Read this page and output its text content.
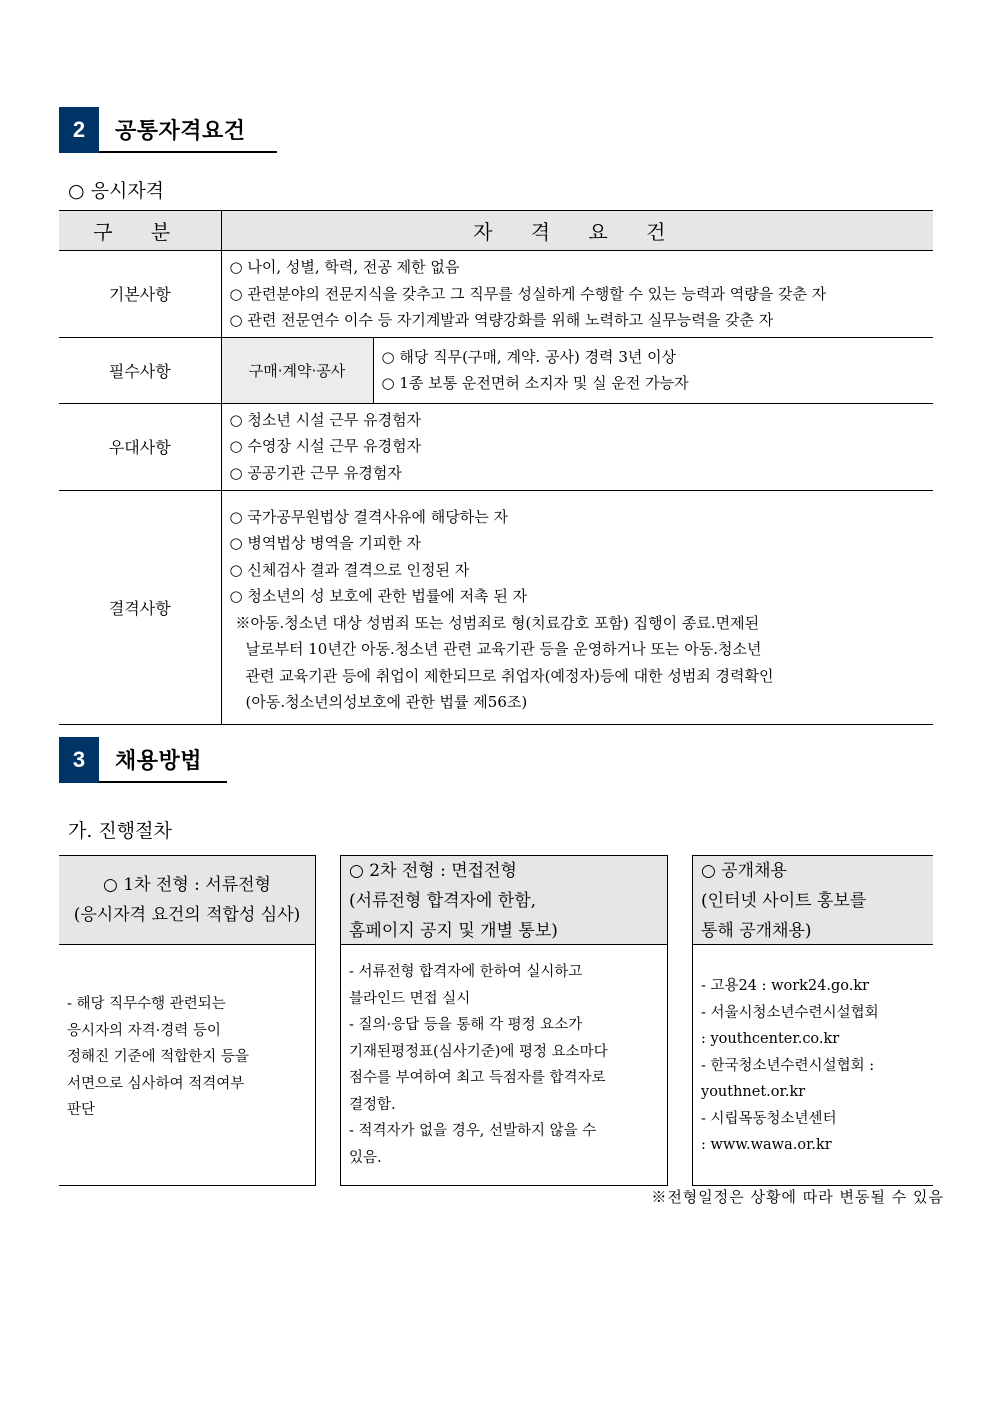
2	공통자격요건
○ 응시자격
구 분	자 격 요 건	
기본사항	○ 나이, 성별, 학력, 전공 제한 없음
○ 관련분야의 전문지식을 갖추고 그 직무를 성실하게 수행할 수 있는 능력과 역량을 갖춘 자
○ 관련 전문연수 이수 등 자기계발과 역량강화를 위해 노력하고 실무능력을 갖춘 자	

필수사항	구매·계약·공사	○ 해당 직무(구매, 계약. 공사) 경력 3년 이상
○ 1종 보통 운전면허 소지자 및 실 운전 가능자

우대사항	○ 청소년 시설 근무 유경험자
○ 수영장 시설 근무 유경험자
○ 공공기관 근무 유경험자	

결격사항	
○ 국가공무원법상 결격사유에 해당하는 자
○ 병역법상 병역을 기피한 자
○ 신체검사 결과 결격으로 인정된 자
○ 청소년의 성 보호에 관한 법률에 저촉 된 자
※아동.청소년 대상 성범죄 또는 성범죄로 형(치료감호 포함) 집행이 종료.면제된
날로부터 10년간 아동.청소년 관련 교육기관 등을 운영하거나 또는 아동.청소년
관련 교육기관 등에 취업이 제한되므로 취업자(예정자)등에 대한 성범죄 경력확인
(아동.청소년의성보호에 관한 법률 제56조)
3	채용방법
가. 진행절차
○ 1차 전형 : 서류전형
(응시자격 요건의 적합성 심사)
- 해당 직무수행 관련되는
응시자의 자격·경력 등이
정해진 기준에 적합한지 등을
서면으로 심사하여 적격여부
판단
○ 2차 전형 : 면접전형
(서류전형 합격자에 한함,
홈페이지 공지 및 개별 통보)
- 서류전형 합격자에 한하여 실시하고
블라인드 면접 실시
- 질의·응답 등을 통해 각 평정 요소가
기재된평정표(심사기준)에 평정 요소마다
점수를 부여하여 최고 득점자를 합격자로
결정함.
- 적격자가 없을 경우, 선발하지 않을 수
있음.
○ 공개채용
(인터넷 사이트 홍보를
통해 공개채용)
- 고용24 : work24.go.kr
- 서울시청소년수련시설협회
: youthcenter.co.kr
- 한국청소년수련시설협회 :
youthnet.or.kr
- 시립목동청소년센터
: www.wawa.or.kr
※전형일정은 상황에 따라 변동될 수 있음
